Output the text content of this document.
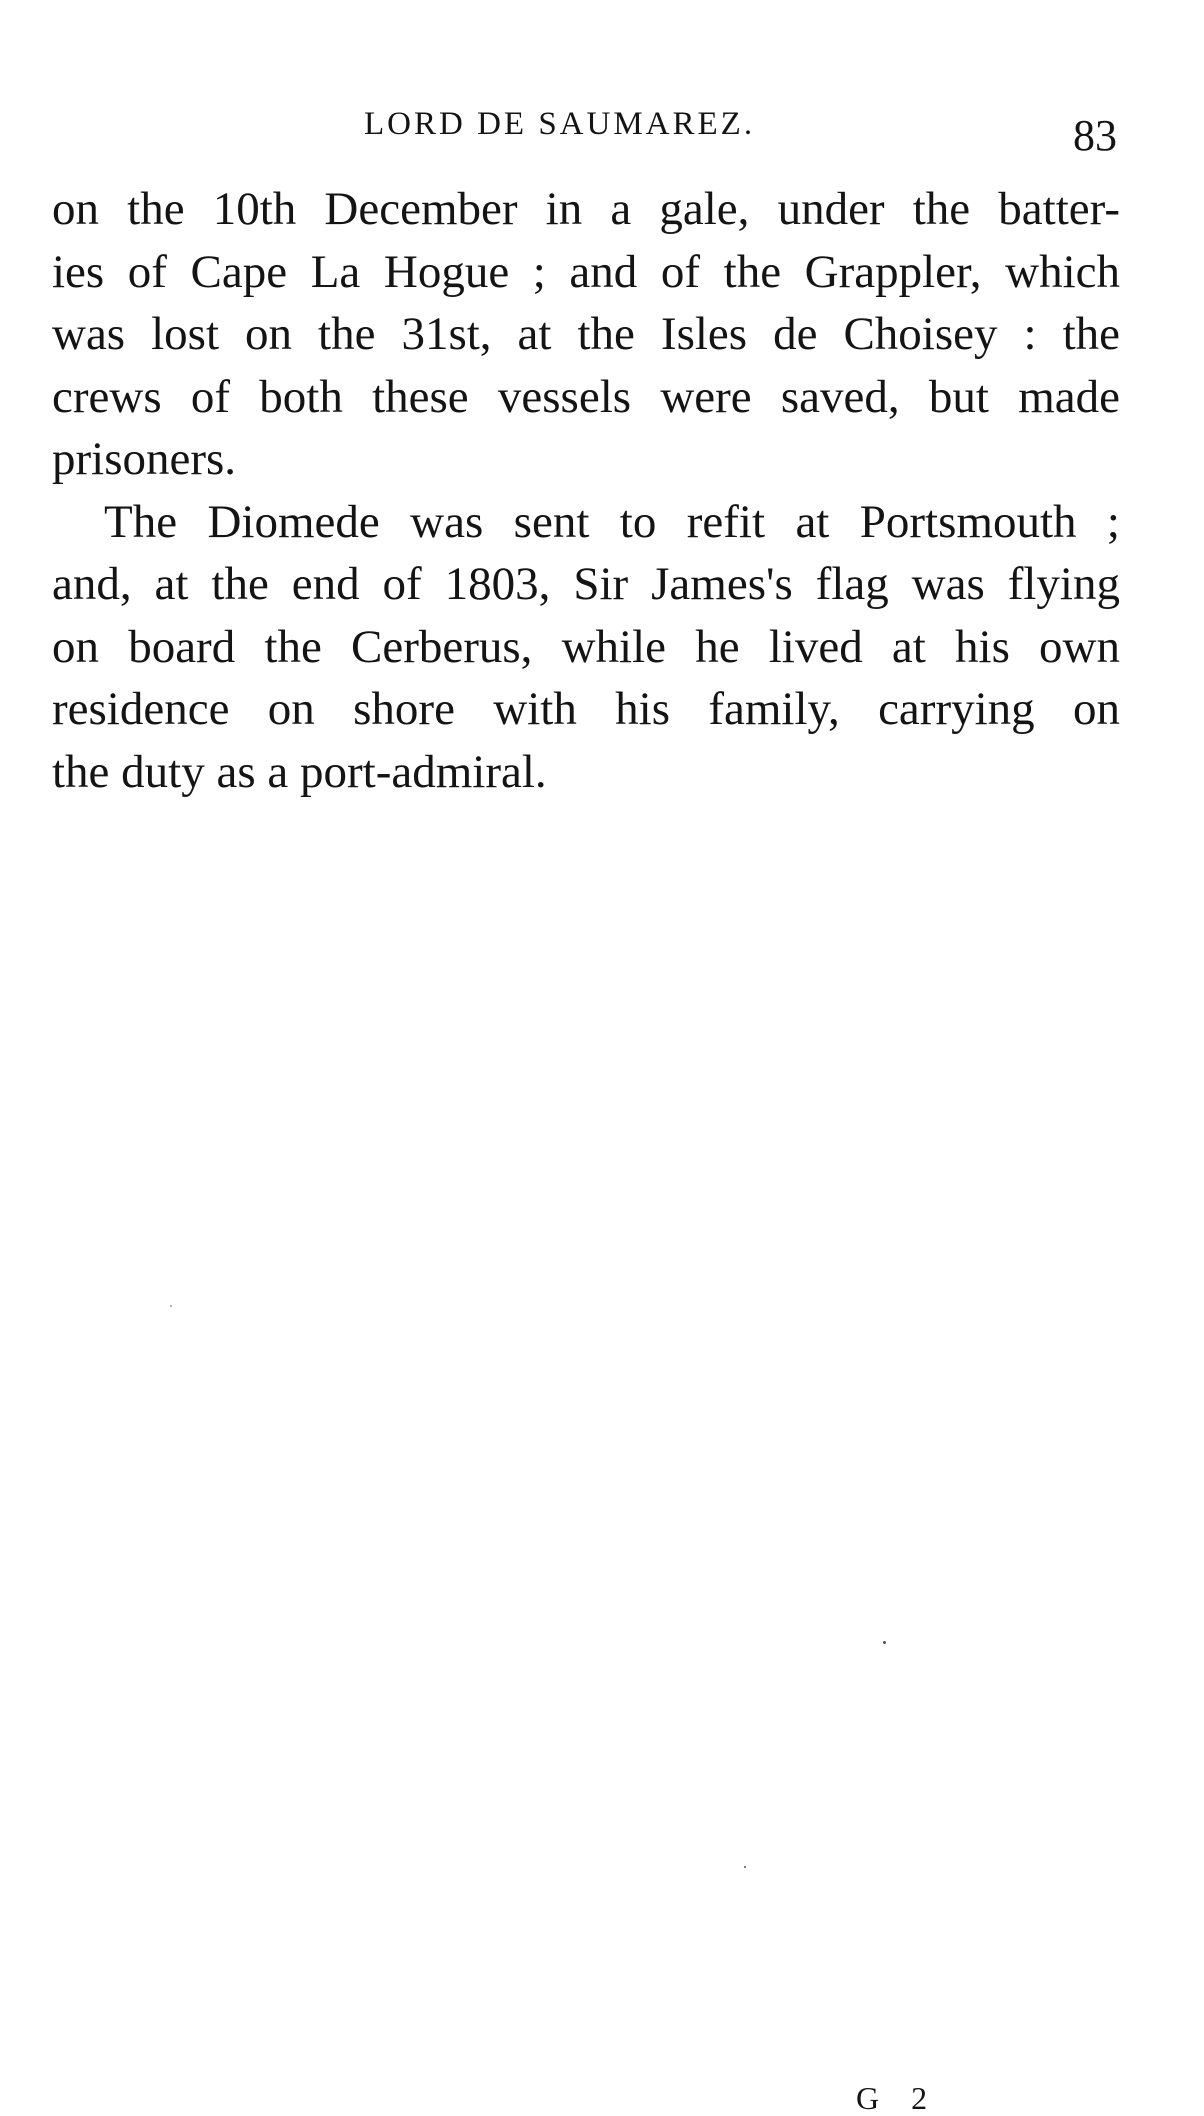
LORD DE SAUMAREZ.	83
on the 10th December in a gale, under the batter-
ies of Cape La Hogue ; and of the Grappler, which
was lost on the 31st, at the Isles de Choisey : the
crews of both these vessels were saved, but made
prisoners.
The Diomede was sent to refit at Portsmouth ;
and, at the end of 1803, Sir James's flag was flying
on board the Cerberus, while he lived at his own
residence on shore with his family, carrying on
the duty as a port-admiral.
G 2
